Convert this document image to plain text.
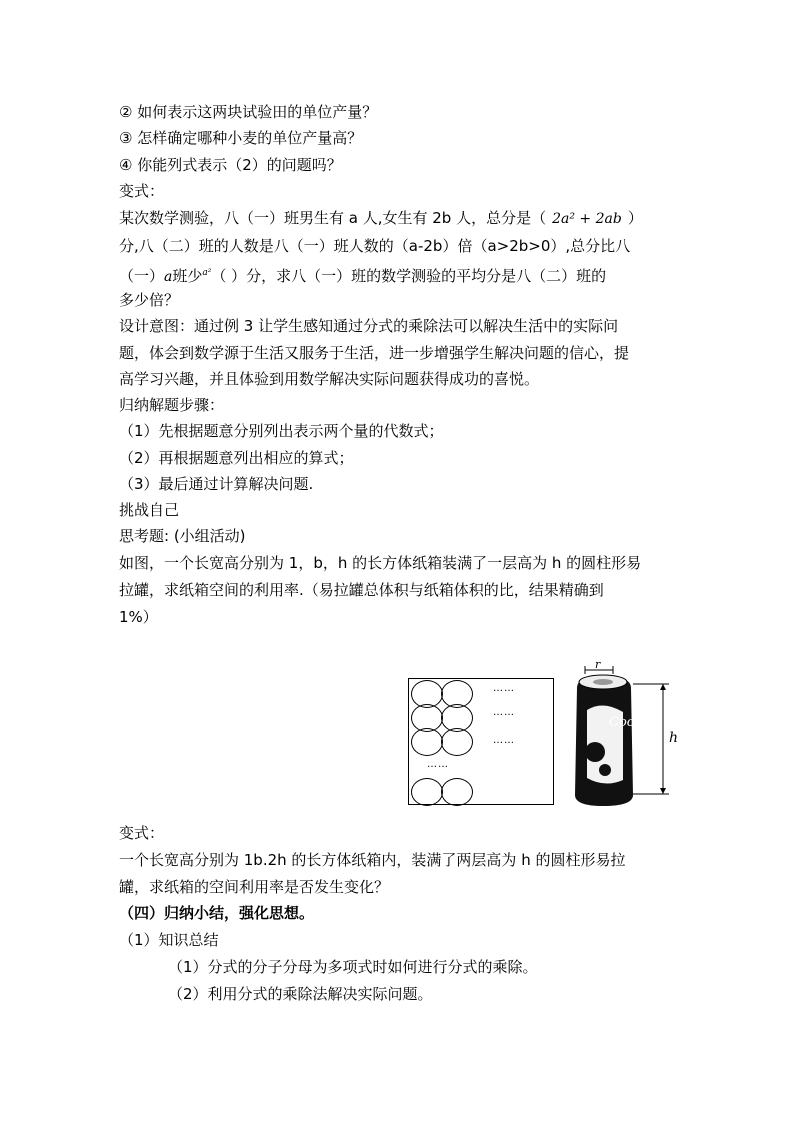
② 如何表示这两块试验田的单位产量？
③ 怎样确定哪种小麦的单位产量高？
④ 你能列式表示（2）的问题吗？
变式：
某次数学测验，八（一）班男生有 a 人,女生有 2b 人，总分是（ 2a² + 2ab ）
分,八（二）班的人数是八（一）班人数的（a-2b）倍（a>2b>0）,总分比八
（一）a班少$^{a^2}$（ ）分，求八（一）班的数学测验的平均分是八（二）班的
多少倍？
设计意图：通过例 3 让学生感知通过分式的乘除法可以解决生活中的实际问
题，体会到数学源于生活又服务于生活，进一步增强学生解决问题的信心，提
高学习兴趣，并且体验到用数学解决实际问题获得成功的喜悦。
归纳解题步骤：
（1）先根据题意分别列出表示两个量的代数式；
（2）再根据题意列出相应的算式；
（3）最后通过计算解决问题.
挑战自己
思考题: (小组活动)
如图，一个长宽高分别为 1，b，h 的长方体纸箱装满了一层高为 h 的圆柱形易
拉罐，求纸箱空间的利用率.（易拉罐总体积与纸箱体积的比，结果精确到
1%）
……
……
……
……
r
Coca
h
变式：
一个长宽高分别为 1b.2h 的长方体纸箱内，装满了两层高为 h 的圆柱形易拉
罐，求纸箱的空间利用率是否发生变化？
（四）归纳小结，强化思想。
（1）知识总结
（1）分式的分子分母为多项式时如何进行分式的乘除。
（2）利用分式的乘除法解决实际问题。
